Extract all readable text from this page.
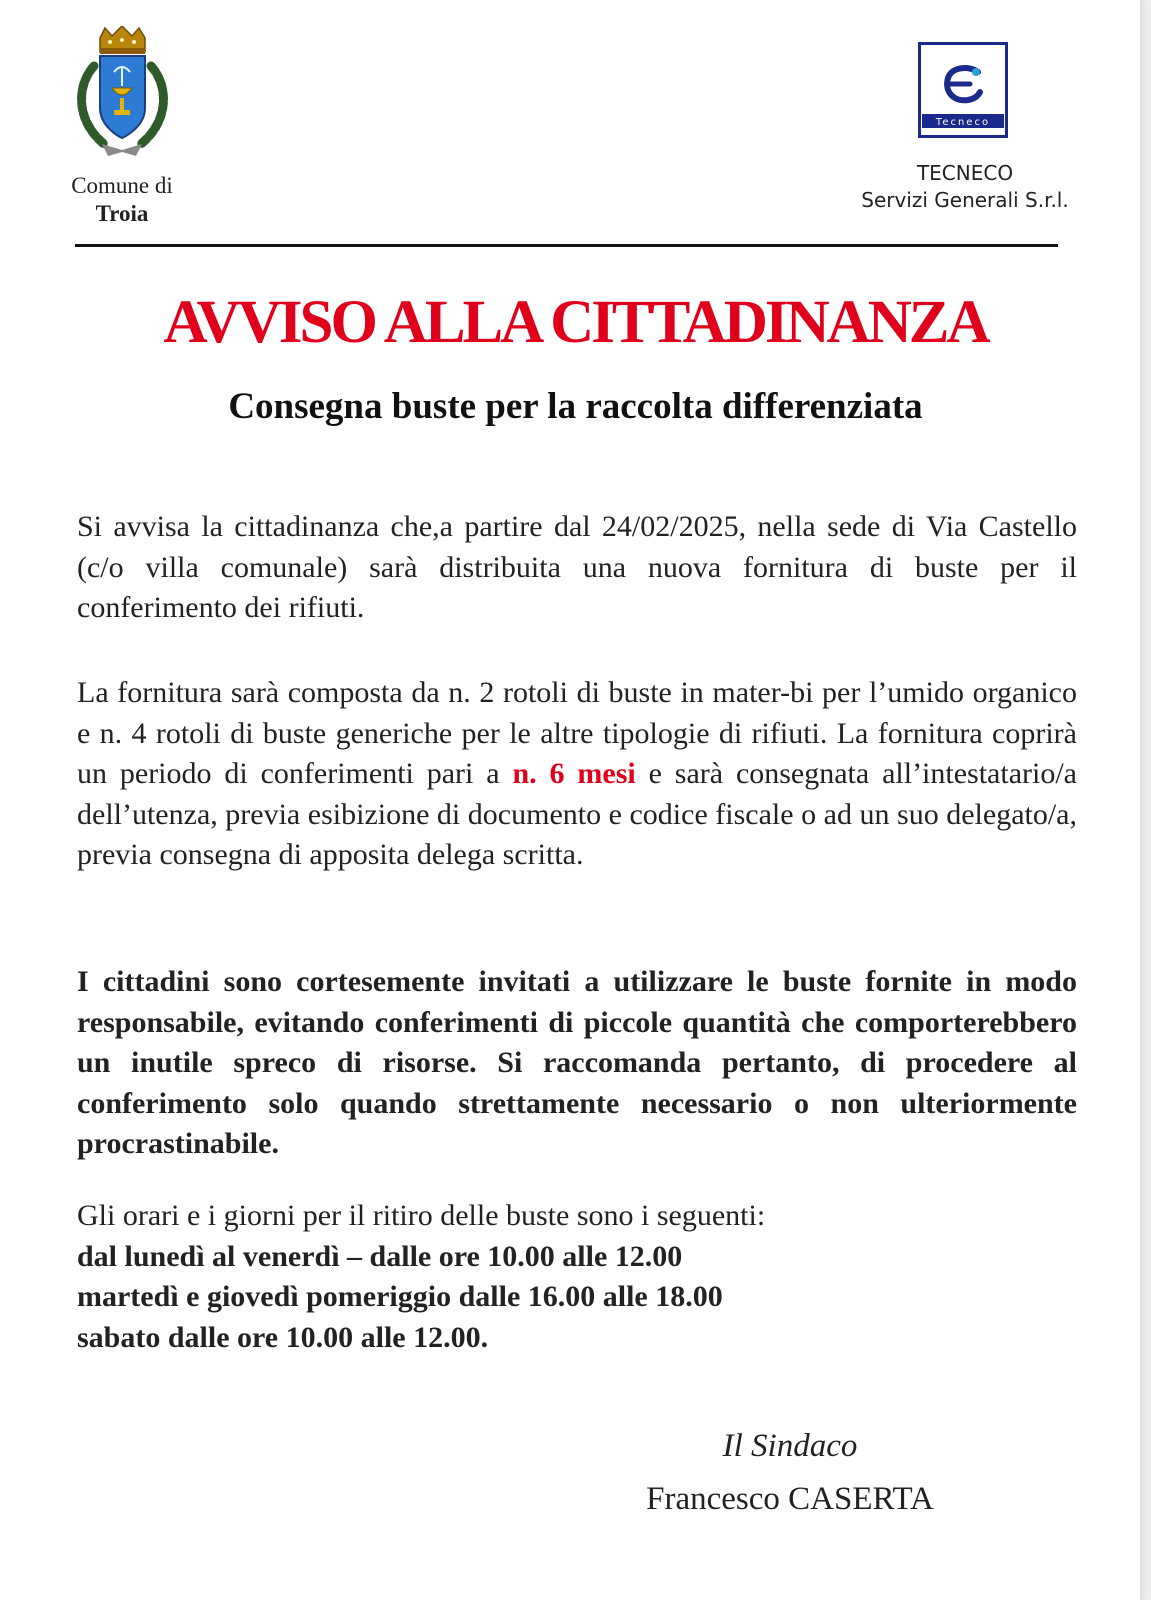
Comune di
Troia
Tecneco
TECNECO
Servizi Generali S.r.l.
AVVISO ALLA CITTADINANZA
Consegna buste per la raccolta differenziata

Si avvisa la cittadinanza che,a partire dal 24/02/2025, nella sede di Via Castello (c/o villa comunale) sarà distribuita una nuova fornitura di buste per il conferimento dei rifiuti.

La fornitura sarà composta da n. 2 rotoli di buste in mater-bi per l’umido organico e n. 4 rotoli di buste generiche per le altre tipologie di rifiuti. La fornitura coprirà un periodo di conferimenti pari a n. 6 mesi e sarà consegnata all’intestatario/a dell’utenza, previa esibizione di documento e codice fiscale o ad un suo delegato/a, previa consegna di apposita delega scritta.

I cittadini sono cortesemente invitati a utilizzare le buste fornite in modo responsabile, evitando conferimenti di piccole quantità che comporterebbero un inutile spreco di risorse. Si raccomanda pertanto, di procedere al conferimento solo quando strettamente necessario o non ulteriormente procrastinabile.

Gli orari e i giorni per il ritiro delle buste sono i seguenti:
dal lunedì al venerdì – dalle ore 10.00 alle 12.00
martedì e giovedì pomeriggio dalle 16.00 alle 18.00
sabato dalle ore 10.00 alle 12.00.
Il Sindaco
Francesco CASERTA
